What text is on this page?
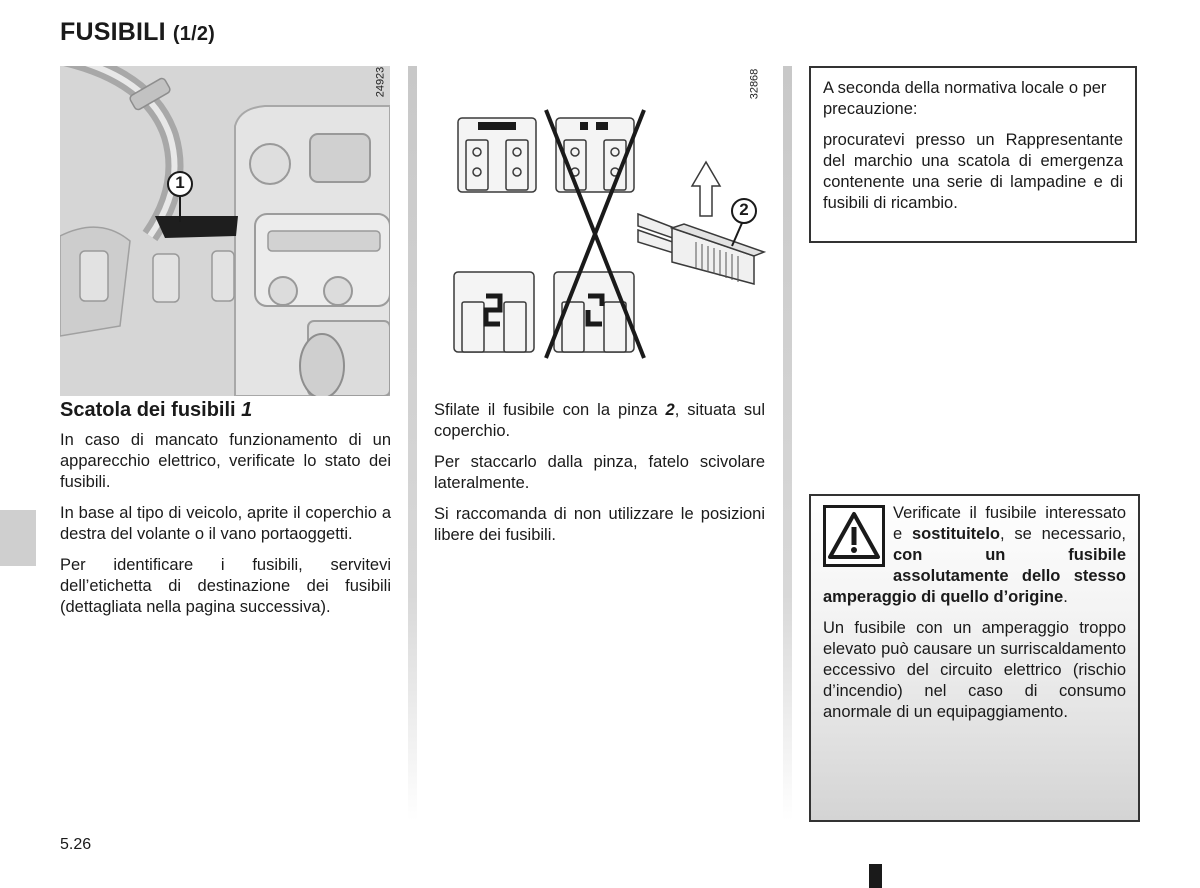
FUSIBILI (1/2)
1
24923
2
32868
Scatola dei fusibili 1

In caso di mancato funzionamento di un apparecchio elettrico, verificate lo stato dei fusibili.

In base al tipo di veicolo, aprite il coperchio a destra del volante o il vano portaoggetti.

Per identificare i fusibili, servitevi dell’etichetta di destinazione dei fusibili (dettagliata nella pagina successiva).

Sfilate il fusibile con la pinza 2, situata sul coperchio.

Per staccarlo dalla pinza, fatelo scivolare lateralmente.

Si raccomanda di non utilizzare le posizioni libere dei fusibili.

A seconda della normativa locale o per precauzione:

procuratevi presso un Rappresentante del marchio una scatola di emergenza contenente una serie di lampadine e di fusibili di ricambio.

Verificate il fusibile interessato e sostituitelo, se necessario, con un fusibile assolutamente dello stesso amperaggio di quello d’origine.

Un fusibile con un amperaggio troppo elevato può causare un surriscaldamento eccessivo del circuito elettrico (rischio d’incendio) nel caso di consumo anormale di un equipaggiamento.

5.26
